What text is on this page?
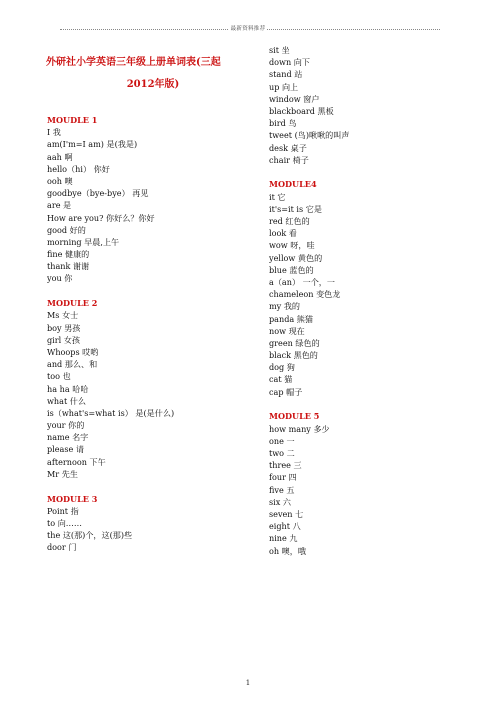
最新资料推荐
外研社小学英语三年级上册单词表(三起
2012年版)
MOUDLE 1
I 我
am(I'm=I am) 是(我是)
aah 啊
hello（hi） 你好
ooh 噢
goodbye（bye-bye） 再见
are 是
How are you? 你好么？你好
good 好的
morning 早晨,上午
fine 健康的
thank 谢谢
you 你
MODULE 2
Ms 女士
boy 男孩
girl 女孩
Whoops 哎哟
and 那么、和
too 也
ha ha 哈哈
what 什么
is（what's=what is） 是(是什么)
your 你的
name 名字
please 请
afternoon 下午
Mr 先生
MODULE 3
Point 指
to 向……
the 这(那)个，这(那)些
door 门
sit 坐
down 向下
stand 站
up 向上
window 窗户
blackboard 黑板
bird 鸟
tweet (鸟)啾啾的叫声
desk 桌子
chair 椅子
MODULE4
it 它
it's=it is 它是
red 红色的
look 看
wow 呀，哇
yellow 黄色的
blue 蓝色的
a（an） 一个，一
chameleon 变色龙
my 我的
panda 熊猫
now 现在
green 绿色的
black 黑色的
dog 狗
cat 猫
cap 帽子
MODULE 5
how many 多少
one 一
two 二
three 三
four 四
five 五
six 六
seven 七
eight 八
nine 九
oh 噢，哦
1
